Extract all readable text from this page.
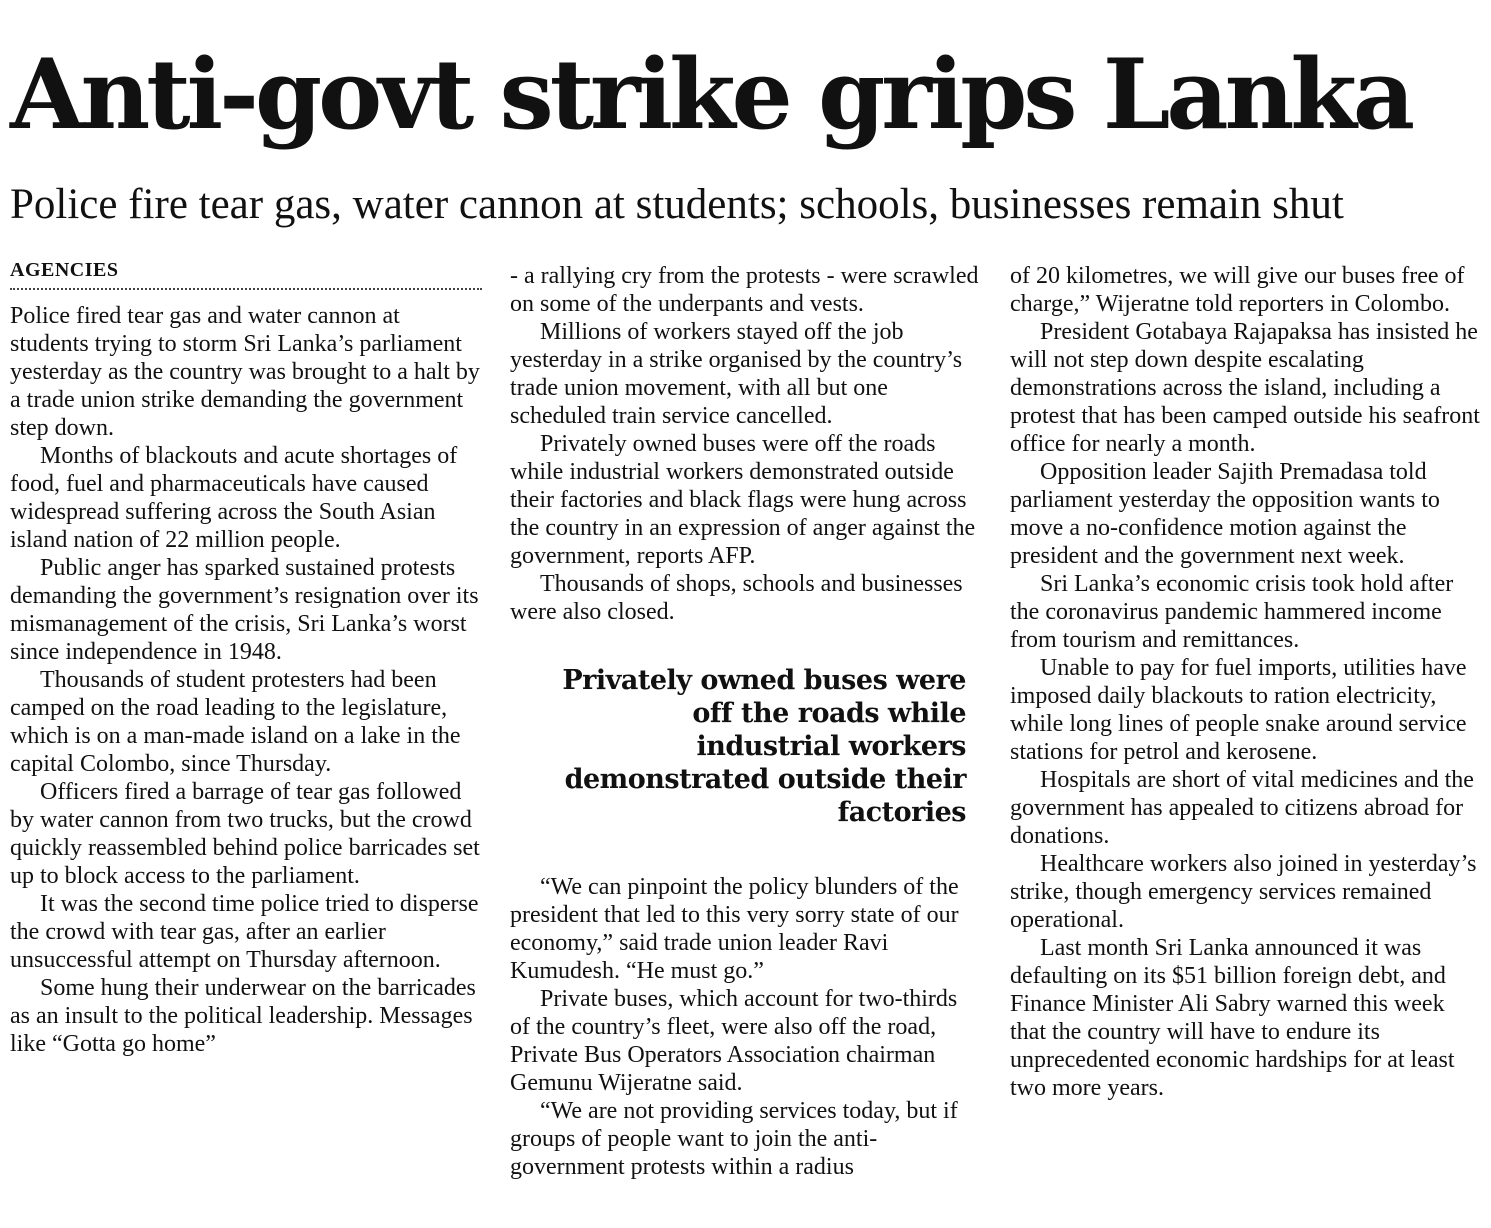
Anti-govt strike grips Lanka
Police fire tear gas, water cannon at students; schools, businesses remain shut
AGENCIES

Police fired tear gas and water cannon at students trying to storm Sri Lanka’s parliament yesterday as the country was brought to a halt by a trade union strike demanding the government step down.

Months of blackouts and acute shortages of food, fuel and pharmaceuticals have caused widespread suffering across the South Asian island nation of 22 million people.

Public anger has sparked sustained protests demanding the government’s resignation over its mismanagement of the crisis, Sri Lanka’s worst since independence in 1948.

Thousands of student protesters had been camped on the road leading to the legislature, which is on a man-made island on a lake in the capital Colombo, since Thursday.

Officers fired a barrage of tear gas followed by water cannon from two trucks, but the crowd quickly reassembled behind police barricades set up to block access to the parliament.

It was the second time police tried to disperse the crowd with tear gas, after an earlier unsuccessful attempt on Thursday afternoon.

Some hung their underwear on the barricades as an insult to the political leadership. Messages like “Gotta go home”

- a rallying cry from the protests - were scrawled on some of the underpants and vests.

Millions of workers stayed off the job yesterday in a strike organised by the country’s trade union movement, with all but one scheduled train service cancelled.

Privately owned buses were off the roads while industrial workers demonstrated outside their factories and black flags were hung across the country in an expression of anger against the government, reports AFP.

Thousands of shops, schools and businesses were also closed.

Privately owned buses were off the roads while industrial workers demonstrated outside their factories

“We can pinpoint the policy blunders of the president that led to this very sorry state of our economy,” said trade union leader Ravi Kumudesh. “He must go.”

Private buses, which account for two-thirds of the country’s fleet, were also off the road, Private Bus Operators Association chairman Gemunu Wijeratne said.

“We are not providing services today, but if groups of people want to join the anti-government protests within a radius

of 20 kilometres, we will give our buses free of charge,” Wijeratne told reporters in Colombo.

President Gotabaya Rajapaksa has insisted he will not step down despite escalating demonstrations across the island, including a protest that has been camped outside his seafront office for nearly a month.

Opposition leader Sajith Premadasa told parliament yesterday the opposition wants to move a no-confidence motion against the president and the government next week.

Sri Lanka’s economic crisis took hold after the coronavirus pandemic hammered income from tourism and remittances.

Unable to pay for fuel imports, utilities have imposed daily blackouts to ration electricity, while long lines of people snake around service stations for petrol and kerosene.

Hospitals are short of vital medicines and the government has appealed to citizens abroad for donations.

Healthcare workers also joined in yesterday’s strike, though emergency services remained operational.

Last month Sri Lanka announced it was defaulting on its $51 billion foreign debt, and Finance Minister Ali Sabry warned this week that the country will have to endure its unprecedented economic hardships for at least two more years.
